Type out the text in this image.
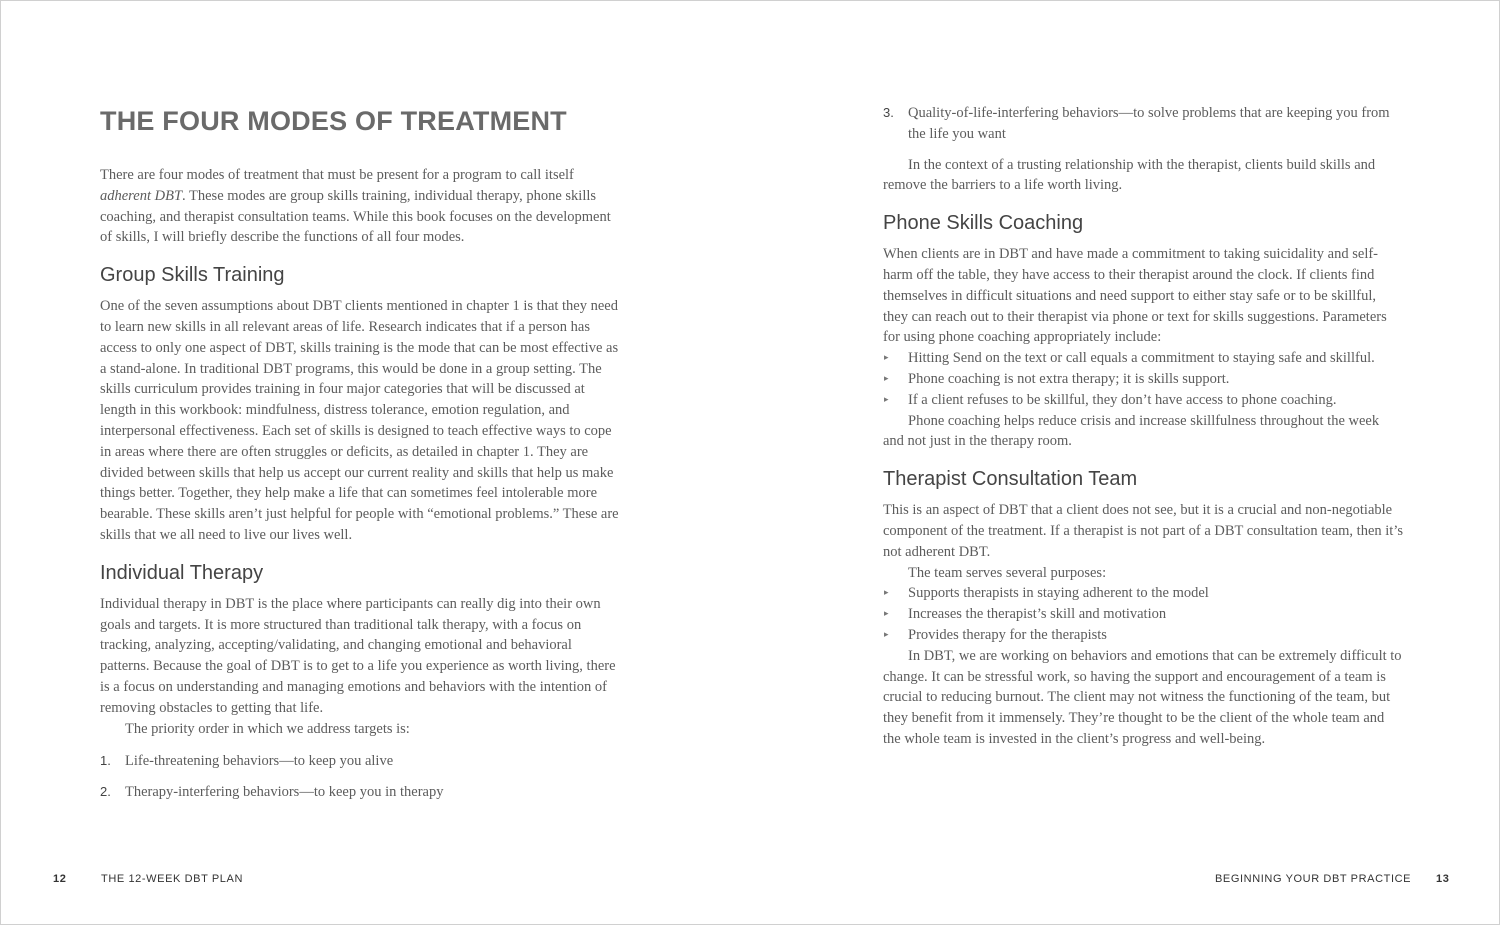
THE FOUR MODES OF TREATMENT

There are four modes of treatment that must be present for a program to call itself adherent DBT. These modes are group skills training, individual therapy, phone skills coaching, and therapist consultation teams. While this book focuses on the development of skills, I will briefly describe the functions of all four modes.

Group Skills Training

One of the seven assumptions about DBT clients mentioned in chapter 1 is that they need to learn new skills in all relevant areas of life. Research indicates that if a person has access to only one aspect of DBT, skills training is the mode that can be most effective as a stand-alone. In traditional DBT programs, this would be done in a group setting. The skills curriculum provides training in four major categories that will be discussed at length in this workbook: mindfulness, distress tolerance, emotion regulation, and interpersonal effectiveness. Each set of skills is designed to teach effective ways to cope in areas where there are often struggles or deficits, as detailed in chapter 1. They are divided between skills that help us accept our current reality and skills that help us make things better. Together, they help make a life that can sometimes feel intolerable more bearable. These skills aren’t just helpful for people with “emotional problems.” These are skills that we all need to live our lives well.

Individual Therapy

Individual therapy in DBT is the place where participants can really dig into their own goals and targets. It is more structured than traditional talk therapy, with a focus on tracking, analyzing, accepting/validating, and changing emotional and behavioral patterns. Because the goal of DBT is to get to a life you experience as worth living, there is a focus on understanding and managing emotions and behaviors with the intention of removing obstacles to getting that life.

The priority order in which we address targets is:

1. Life-threatening behaviors—to keep you alive
2. Therapy-interfering behaviors—to keep you in therapy
12	THE 12-WEEK DBT PLAN
3. Quality-of-life-interfering behaviors—to solve problems that are keeping you from the life you want

In the context of a trusting relationship with the therapist, clients build skills and remove the barriers to a life worth living.

Phone Skills Coaching

When clients are in DBT and have made a commitment to taking suicidality and self-harm off the table, they have access to their therapist around the clock. If clients find themselves in difficult situations and need support to either stay safe or to be skillful, they can reach out to their therapist via phone or text for skills suggestions. Parameters for using phone coaching appropriately include:

▸ Hitting Send on the text or call equals a commitment to staying safe and skillful.
▸ Phone coaching is not extra therapy; it is skills support.
▸ If a client refuses to be skillful, they don’t have access to phone coaching.

Phone coaching helps reduce crisis and increase skillfulness throughout the week and not just in the therapy room.

Therapist Consultation Team

This is an aspect of DBT that a client does not see, but it is a crucial and non-negotiable component of the treatment. If a therapist is not part of a DBT consultation team, then it’s not adherent DBT.

The team serves several purposes:

▸ Supports therapists in staying adherent to the model
▸ Increases the therapist’s skill and motivation
▸ Provides therapy for the therapists

In DBT, we are working on behaviors and emotions that can be extremely difficult to change. It can be stressful work, so having the support and encouragement of a team is crucial to reducing burnout. The client may not witness the functioning of the team, but they benefit from it immensely. They’re thought to be the client of the whole team and the whole team is invested in the client’s progress and well-being.

BEGINNING YOUR DBT PRACTICE 13
